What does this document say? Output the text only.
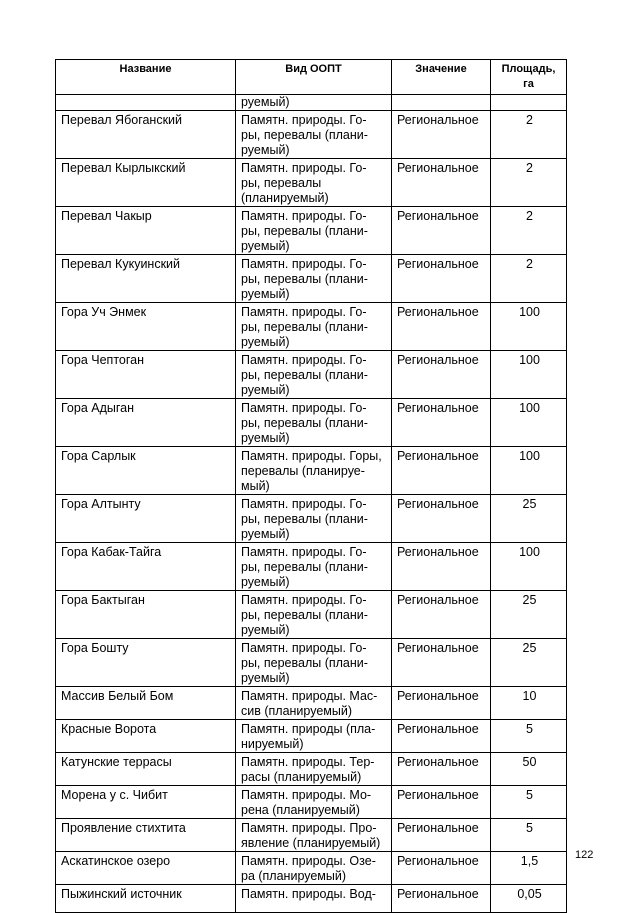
Название	Вид ООПТ	Значение	Площадь,
га
	руемый)		
Перевал Ябоганский	Памятн. природы. Го-
ры, перевалы (плани-
руемый)	Региональное	2
Перевал Кырлыкский	Памятн. природы. Го-
ры, перевалы
(планируемый)	Региональное	2
Перевал Чакыр	Памятн. природы. Го-
ры, перевалы (плани-
руемый)	Региональное	2
Перевал Кукуинский	Памятн. природы. Го-
ры, перевалы (плани-
руемый)	Региональное	2
Гора Уч Энмек	Памятн. природы. Го-
ры, перевалы (плани-
руемый)	Региональное	100
Гора Чептоган	Памятн. природы. Го-
ры, перевалы (плани-
руемый)	Региональное	100
Гора Адыган	Памятн. природы. Го-
ры, перевалы (плани-
руемый)	Региональное	100
Гора Сарлык	Памятн. природы. Горы,
перевалы (планируе-
мый)	Региональное	100
Гора Алтынту	Памятн. природы. Го-
ры, перевалы (плани-
руемый)	Региональное	25
Гора Кабак-Тайга	Памятн. природы. Го-
ры, перевалы (плани-
руемый)	Региональное	100
Гора Бактыган	Памятн. природы. Го-
ры, перевалы (плани-
руемый)	Региональное	25
Гора Бошту	Памятн. природы. Го-
ры, перевалы (плани-
руемый)	Региональное	25
Массив Белый Бом	Памятн. природы. Мас-
сив (планируемый)	Региональное	10
Красные Ворота	Памятн. природы (пла-
нируемый)	Региональное	5
Катунские террасы	Памятн. природы. Тер-
расы (планируемый)	Региональное	50
Морена у с. Чибит	Памятн. природы. Мо-
рена (планируемый)	Региональное	5
Проявление стихтита	Памятн. природы. Про-
явление (планируемый)	Региональное	5
Аскатинское озеро	Памятн. природы. Озе-
ра (планируемый)	Региональное	1,5
Пыжинский источник	Памятн. природы. Вод-	Региональное	0,05
122
